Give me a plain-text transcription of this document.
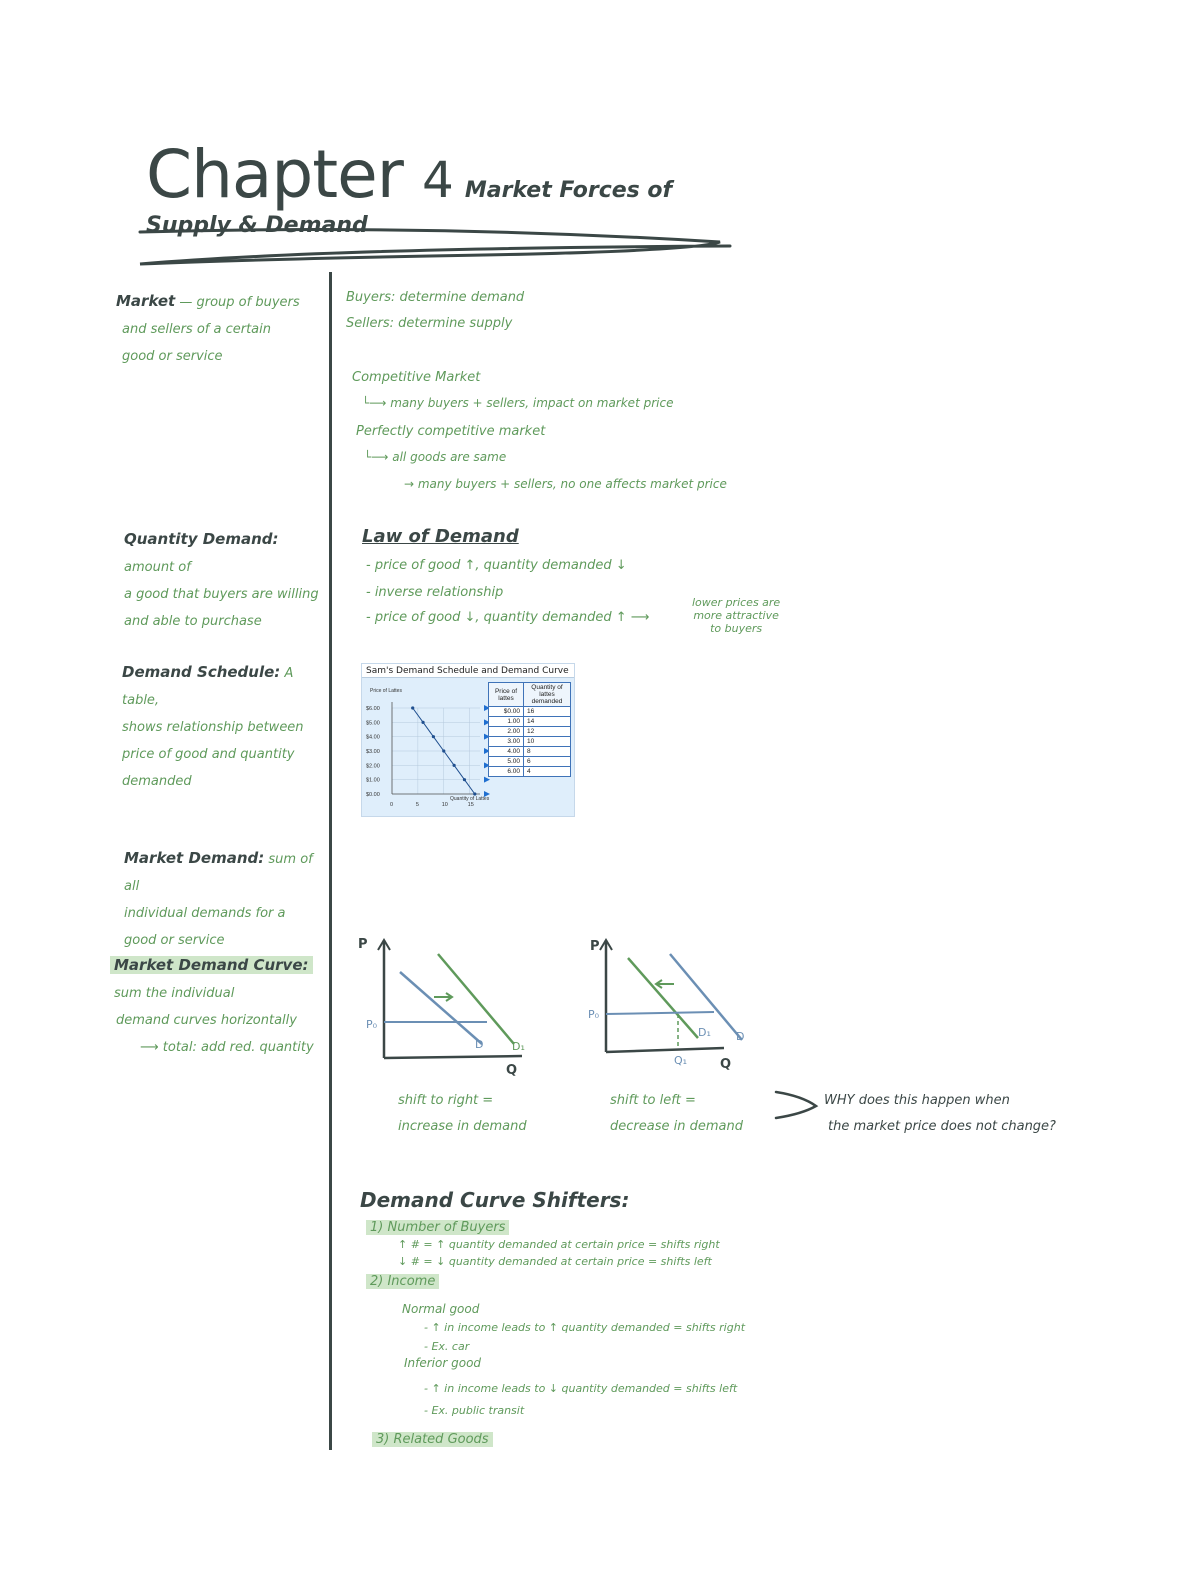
Chapter 4 Market Forces of Supply & Demand
Market — group of buyers
and sellers of a certain
good or service
Quantity Demand: amount of
a good that buyers are willing
and able to purchase
Demand Schedule: A table,
shows relationship between
price of good and quantity
demanded
Market Demand: sum of all
individual demands for a
good or service
Market Demand Curve:
sum the individual
demand curves horizontally
⟶ total: add red. quantity
Buyers: determine demand
Sellers: determine supply
Competitive Market
└⟶ many buyers + sellers, impact on market price
Perfectly competitive market
└⟶ all goods are same
→ many buyers + sellers, no one affects market price
Law of Demand
- price of good ↑, quantity demanded ↓
- inverse relationship
- price of good ↓, quantity demanded ↑ ⟶
lower prices are
more attractive
to buyers
Sam's Demand Schedule and Demand Curve
$6.00
$5.00
$4.00
$3.00
$2.00
$1.00
$0.00
0	5	10	15
Price of Lattes
Quantity of Lattes
Price of lattes	Quantity of lattes demanded
$0.00	16
1.00	14
2.00	12
3.00	10
4.00	8
5.00	6
6.00	4
P
P₀
D	D₁
Q
shift to right =
increase in demand
P
P₀
D₁ D
Q₁	Q
shift to left =
decrease in demand
WHY does this happen when
the market price does not change?
Demand Curve Shifters:
1) Number of Buyers
↑ # = ↑ quantity demanded at certain price = shifts right
↓ # = ↓ quantity demanded at certain price = shifts left
2) Income
Normal good
- ↑ in income leads to ↑ quantity demanded = shifts right
- Ex. car
Inferior good
- ↑ in income leads to ↓ quantity demanded = shifts left
- Ex. public transit
3) Related Goods
